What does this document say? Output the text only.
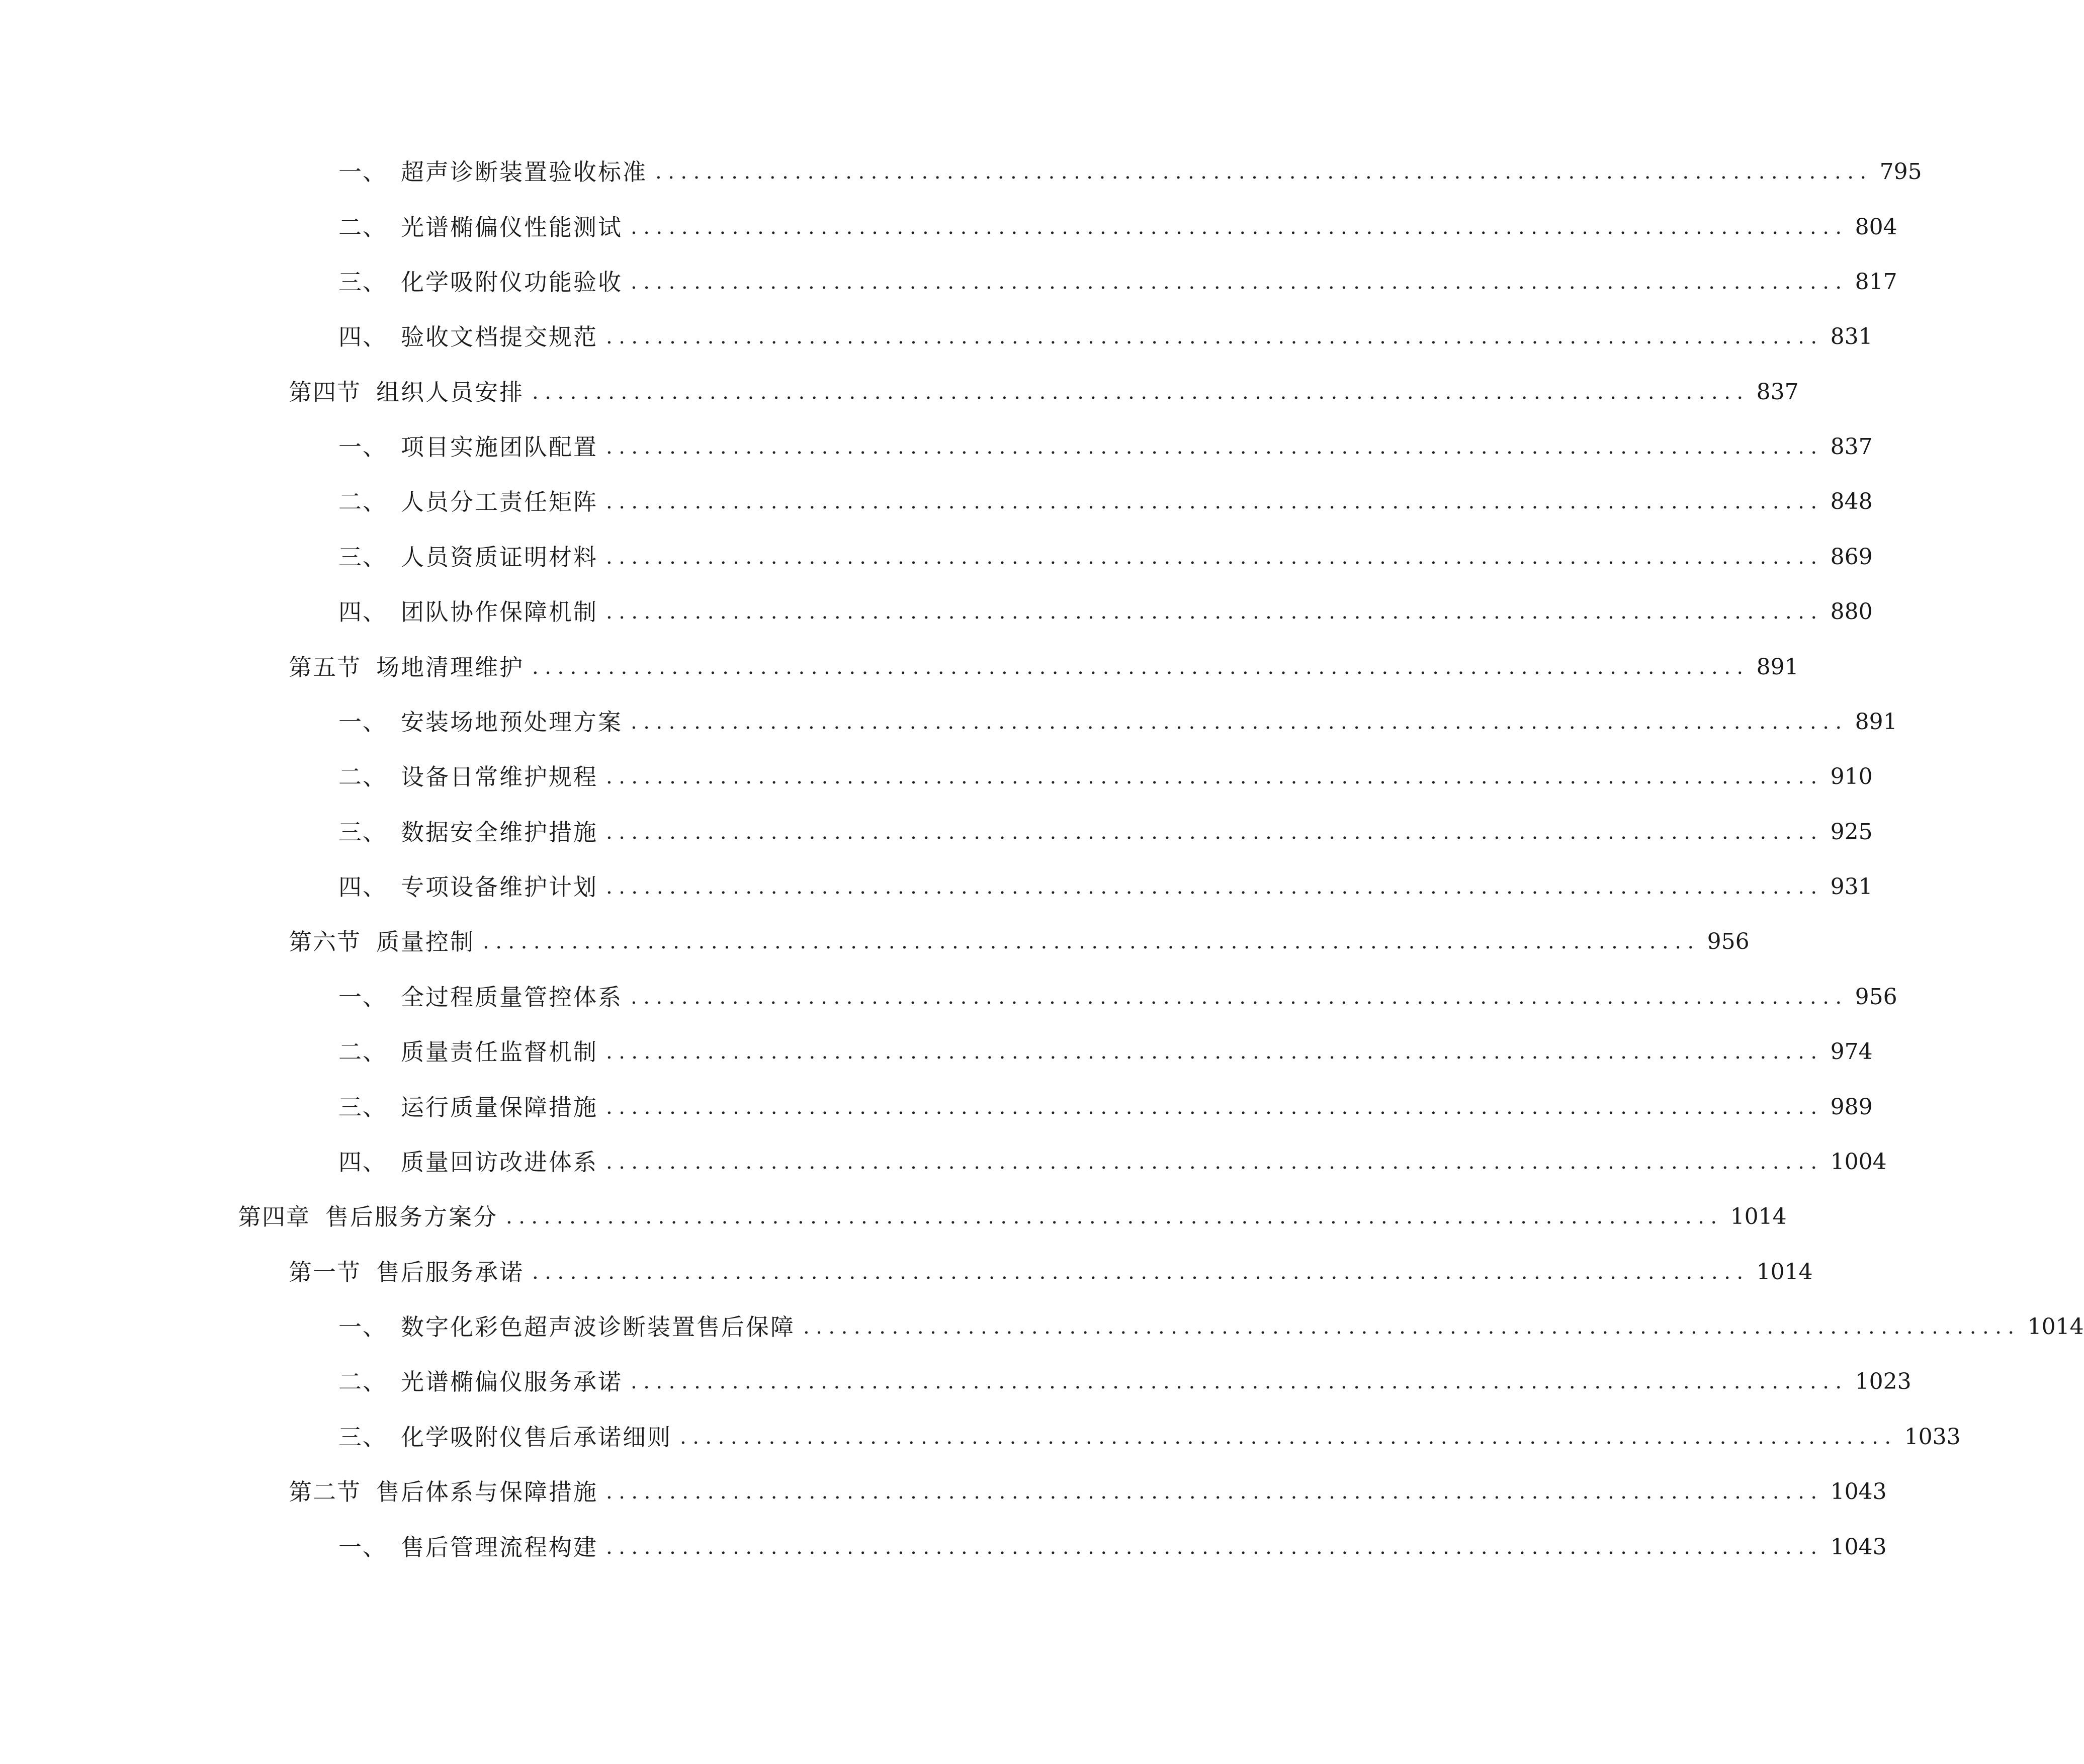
一、 超声诊断装置验收标准 ................................................................................................ 795
二、 光谱椭偏仪性能测试 ................................................................................................ 804
三、 化学吸附仪功能验收 ................................................................................................ 817
四、 验收文档提交规范 ................................................................................................ 831
第四节 组织人员安排 ................................................................................................ 837
一、 项目实施团队配置 ................................................................................................ 837
二、 人员分工责任矩阵 ................................................................................................ 848
三、 人员资质证明材料 ................................................................................................ 869
四、 团队协作保障机制 ................................................................................................ 880
第五节 场地清理维护 ................................................................................................ 891
一、 安装场地预处理方案 ................................................................................................ 891
二、 设备日常维护规程 ................................................................................................ 910
三、 数据安全维护措施 ................................................................................................ 925
四、 专项设备维护计划 ................................................................................................ 931
第六节 质量控制 ................................................................................................ 956
一、 全过程质量管控体系 ................................................................................................ 956
二、 质量责任监督机制 ................................................................................................ 974
三、 运行质量保障措施 ................................................................................................ 989
四、 质量回访改进体系 ................................................................................................ 1004
第四章 售后服务方案分 ................................................................................................ 1014
第一节 售后服务承诺 ................................................................................................ 1014
一、 数字化彩色超声波诊断装置售后保障 ................................................................................................ 1014
二、 光谱椭偏仪服务承诺 ................................................................................................ 1023
三、 化学吸附仪售后承诺细则 ................................................................................................ 1033
第二节 售后体系与保障措施 ................................................................................................ 1043
一、 售后管理流程构建 ................................................................................................ 1043
